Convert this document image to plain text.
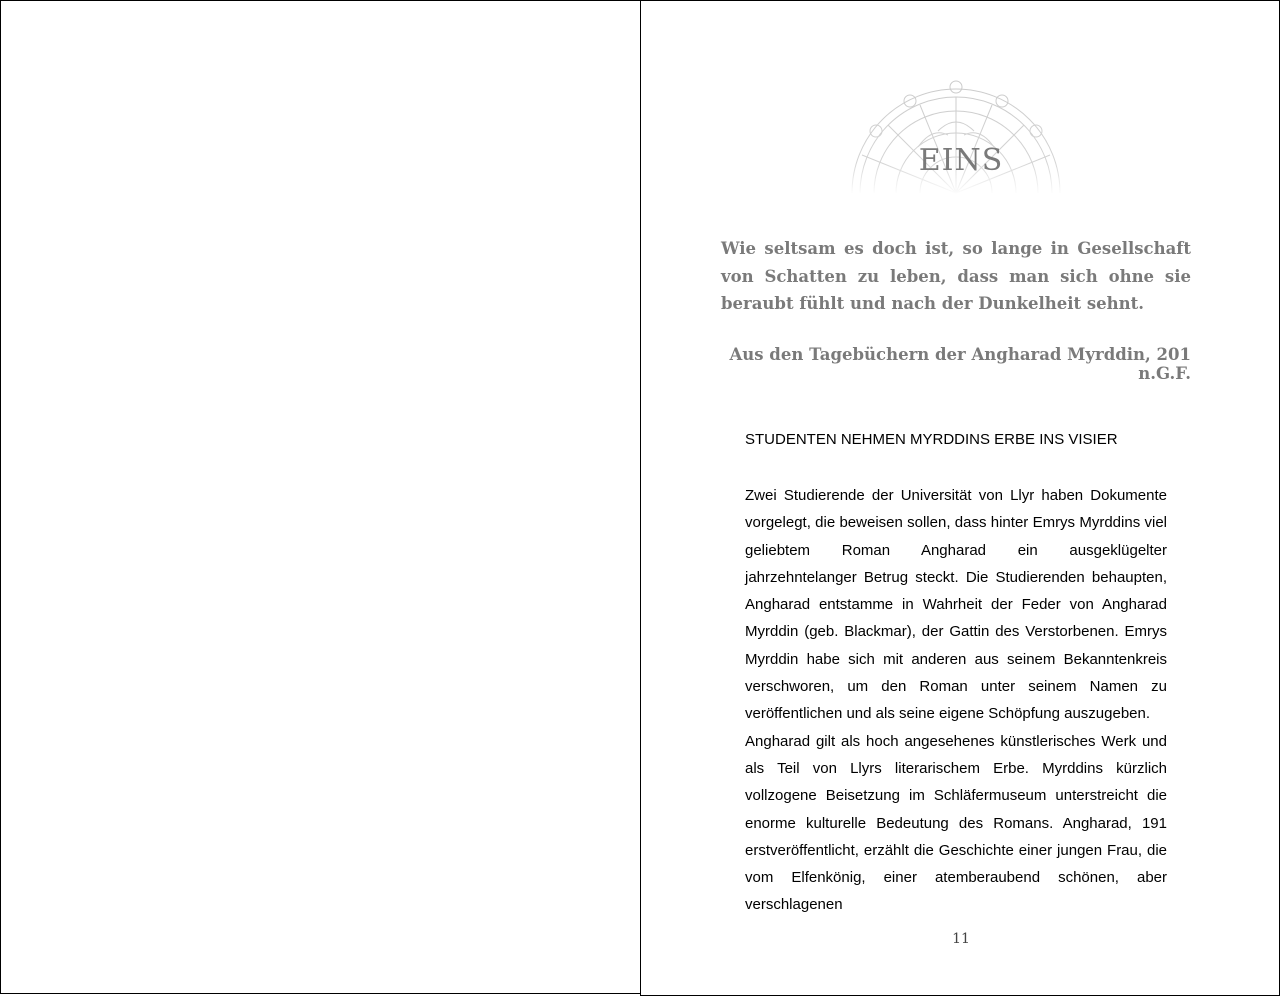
EINS
Wie seltsam es doch ist, so lange in Gesellschaft von Schatten zu leben, dass man sich ohne sie beraubt fühlt und nach der Dunkelheit sehnt.
Aus den Tagebüchern der Angharad Myrddin, 201 n.G.F.
STUDENTEN NEHMEN MYRDDINS ERBE INS VISIER

Zwei Studierende der Universität von Llyr haben Dokumente vorgelegt, die beweisen sollen, dass hinter Emrys Myrddins viel geliebtem Roman Angharad ein ausgeklügelter jahrzehntelanger Betrug steckt. Die Studierenden behaupten, Angharad entstamme in Wahrheit der Feder von Angharad Myrddin (geb. Blackmar), der Gattin des Verstorbenen. Emrys Myrddin habe sich mit anderen aus seinem Bekanntenkreis verschworen, um den Roman unter seinem Namen zu veröffentlichen und als seine eigene Schöpfung auszugeben.

Angharad gilt als hoch angesehenes künstlerisches Werk und als Teil von Llyrs literarischem Erbe. Myrddins kürzlich vollzogene Beisetzung im Schläfermuseum unterstreicht die enorme kulturelle Bedeutung des Romans. Angharad, 191 erstveröffentlicht, erzählt die Geschichte einer jungen Frau, die vom Elfenkönig, einer atemberaubend schönen, aber verschlagenen

11
